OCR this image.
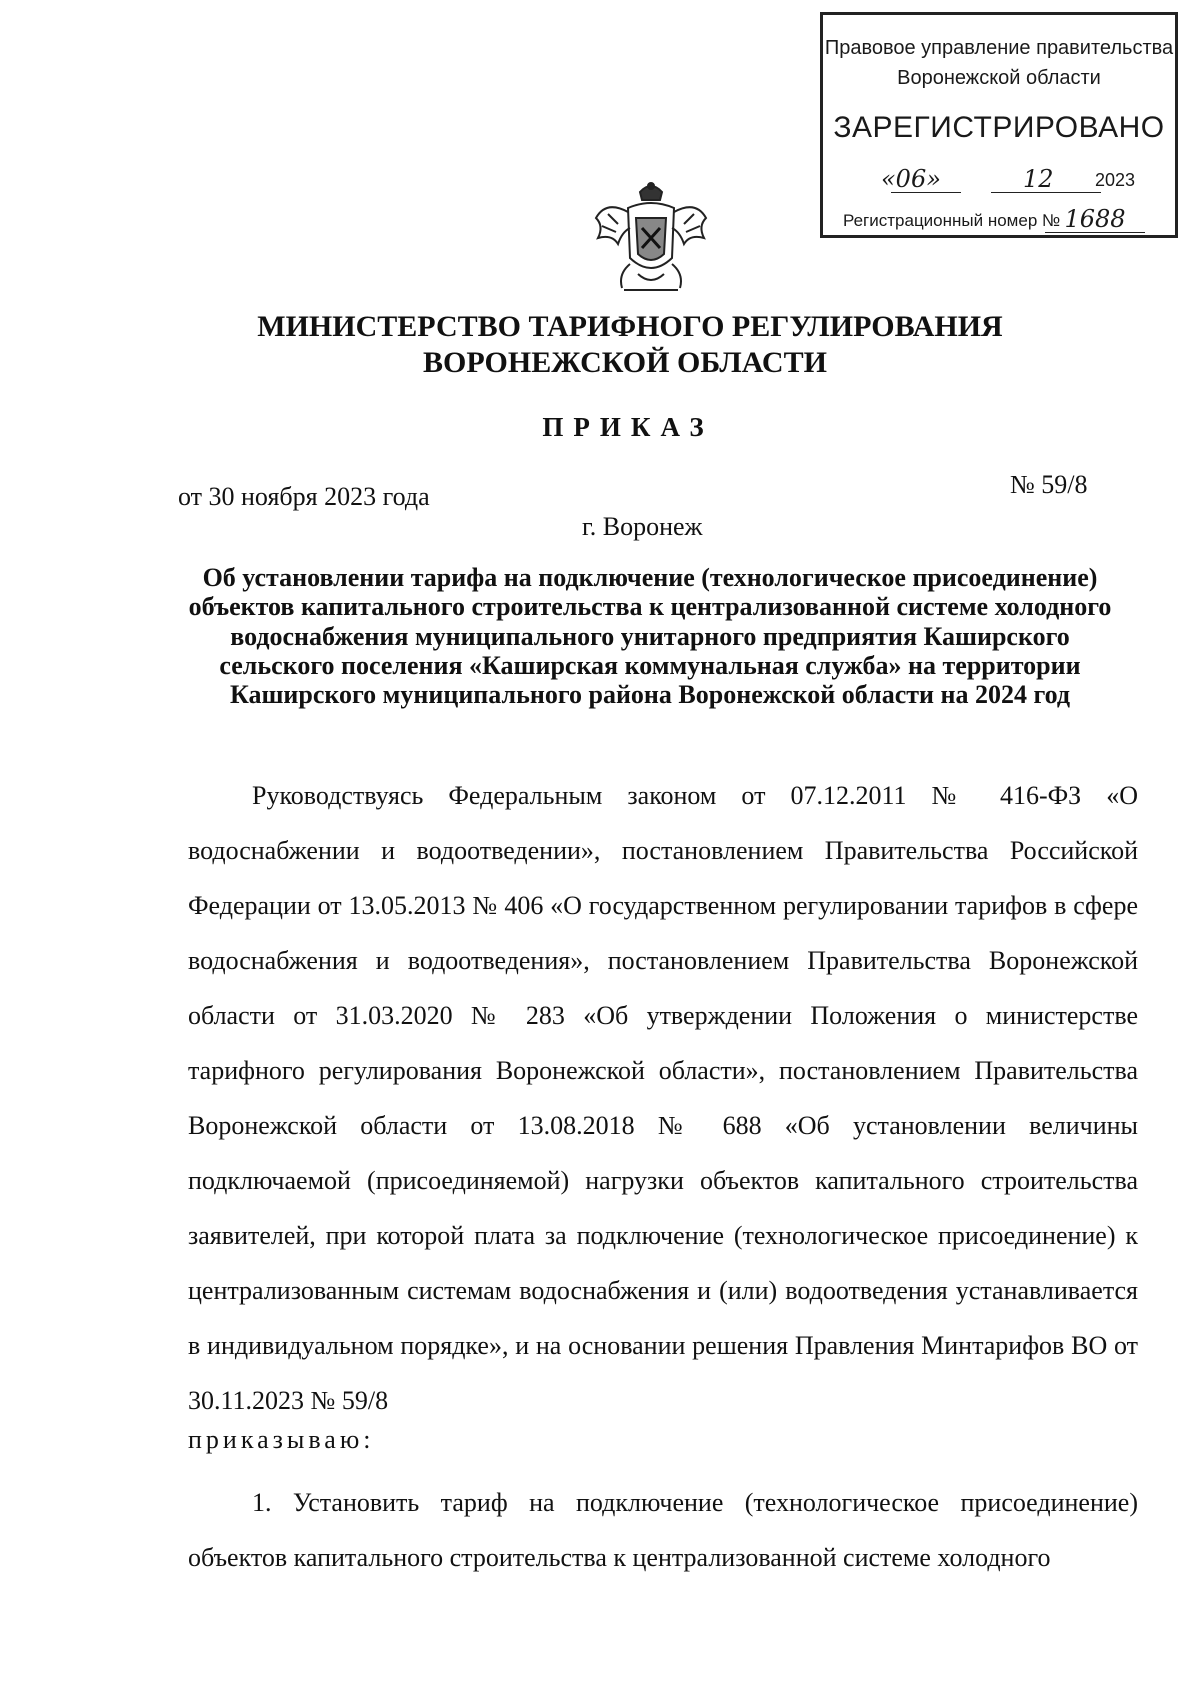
Правовое управление правительства
Воронежской области
ЗАРЕГИСТРИРОВАНО
«06»	12 2023
Регистрационный номер № 1688
МИНИСТЕРСТВО ТАРИФНОГО РЕГУЛИРОВАНИЯ
ВОРОНЕЖСКОЙ ОБЛАСТИ
ПРИКАЗ
от 30 ноября 2023 года	№ 59/8
г. Воронеж
Об установлении тарифа на подключение (технологическое присоединение) объектов капитального строительства к централизованной системе холодного водоснабжения муниципального унитарного предприятия Каширского сельского поселения «Каширская коммунальная служба» на территории Каширского муниципального района Воронежской области на 2024 год
Руководствуясь Федеральным законом от 07.12.2011 № 416-ФЗ «О водоснабжении и водоотведении», постановлением Правительства Российской Федерации от 13.05.2013 № 406 «О государственном регулировании тарифов в сфере водоснабжения и водоотведения», постановлением Правительства Воронежской области от 31.03.2020 № 283 «Об утверждении Положения о министерстве тарифного регулирования Воронежской области», постановлением Правительства Воронежской области от 13.08.2018 № 688 «Об установлении величины подключаемой (присоединяемой) нагрузки объектов капитального строительства заявителей, при которой плата за подключение (технологическое присоединение) к централизованным системам водоснабжения и (или) водоотведения устанавливается в индивидуальном порядке», и на основании решения Правления Минтарифов ВО от 30.11.2023 № 59/8
приказываю:
1. Установить тариф на подключение (технологическое присоединение) объектов капитального строительства к централизованной системе холодного
